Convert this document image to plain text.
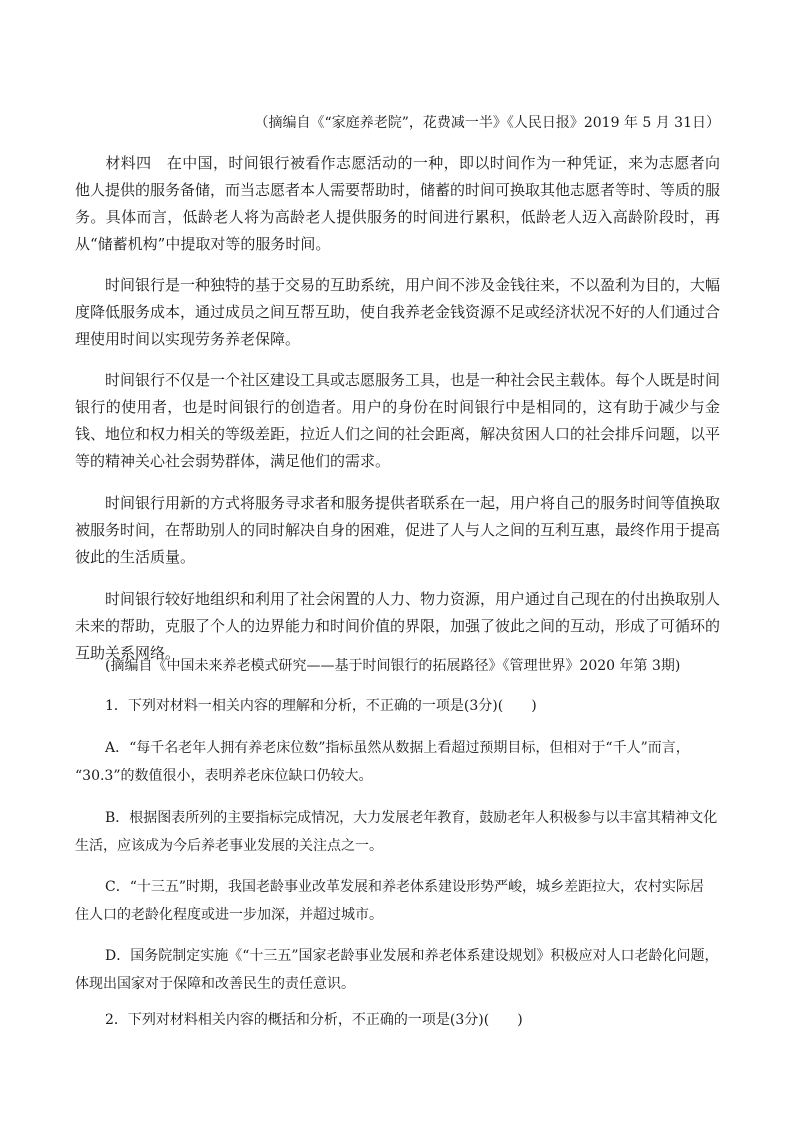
（摘编自《“家庭养老院”，花费减一半》《人民日报》2019 年 5 月 31日）

材料四　 在中国，时间银行被看作志愿活动的一种，即以时间作为一种凭证，来为志愿者向他人提供的服务备储，而当志愿者本人需要帮助时，储蓄的时间可换取其他志愿者等时、等质的服务。具体而言，低龄老人将为高龄老人提供服务的时间进行累积，低龄老人迈入高龄阶段时，再从“储蓄机构”中提取对等的服务时间。

时间银行是一种独特的基于交易的互助系统，用户间不涉及金钱往来，不以盈利为目的，大幅度降低服务成本，通过成员之间互帮互助，使自我养老金钱资源不足或经济状况不好的人们通过合理使用时间以实现劳务养老保障。

时间银行不仅是一个社区建设工具或志愿服务工具，也是一种社会民主载体。每个人既是时间银行的使用者，也是时间银行的创造者。用户的身份在时间银行中是相同的，这有助于减少与金钱、地位和权力相关的等级差距，拉近人们之间的社会距离，解决贫困人口的社会排斥问题，以平等的精神关心社会弱势群体，满足他们的需求。

时间银行用新的方式将服务寻求者和服务提供者联系在一起，用户将自己的服务时间等值换取被服务时间，在帮助别人的同时解决自身的困难，促进了人与人之间的互利互惠，最终作用于提高彼此的生活质量。

时间银行较好地组织和利用了社会闲置的人力、物力资源，用户通过自己现在的付出换取别人未来的帮助，克服了个人的边界能力和时间价值的界限，加强了彼此之间的互动，形成了可循环的互助关系网络。

(摘编自《中国未来养老模式研究——基于时间银行的拓展路径》《管理世界》2020 年第 3期)

1．下列对材料一相关内容的理解和分析，不正确的一项是(3分)(　　)

A．“每千名老年人拥有养老床位数”指标虽然从数据上看超过预期目标，但相对于“千人”而言，
“30.3”的数值很小，表明养老床位缺口仍较大。

B．根据图表所列的主要指标完成情况，大力发展老年教育，鼓励老年人积极参与以丰富其精神文化
生活，应该成为今后养老事业发展的关注点之一。

C．“十三五”时期，我国老龄事业改革发展和养老体系建设形势严峻，城乡差距拉大，农村实际居
住人口的老龄化程度或进一步加深，并超过城市。

D．国务院制定实施《“十三五”国家老龄事业发展和养老体系建设规划》积极应对人口老龄化问题，
体现出国家对于保障和改善民生的责任意识。

2．下列对材料相关内容的概括和分析，不正确的一项是(3分)(　　)
